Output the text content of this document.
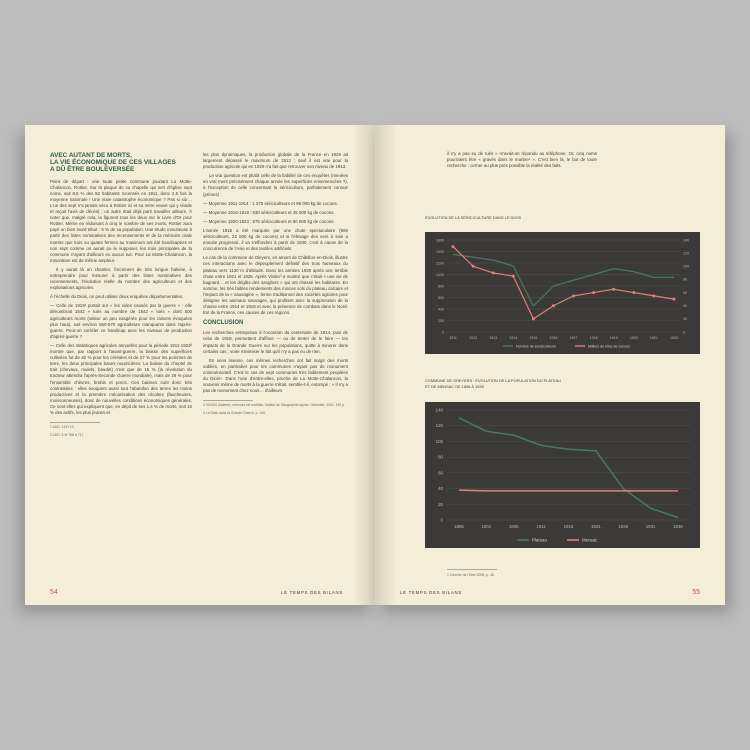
AVEC AUTANT DE MORTS,
LA VIE ÉCONOMIQUE DE CES VILLAGES
A DÛ ÊTRE BOULEVERSÉE

Point de départ : une toute petite commune jouxtant La Motte-Chalancon, Rottier. Sur la plaque de sa chapelle qui sert d'église sept noms, soit 8,5 % des 82 habitants recensés en 1911, donc 2,5 fois la moyenne nationale ! Une vraie catastrophe économique ? Pas si sûr… L'un des sept n'a jamais vécu à Rottier ici et sa mère veuve qui y réside et reçoit l'avis de décès) ; un autre était déjà parti travailler ailleurs. À noter que, malgré cela, la figurent tous les deux sur le Livre d'Or pour Rottier. Même en réduisant à cinq le nombre de ses morts, Rottier aura payé un bien lourd tribut : 6 % de sa population. Une étude minutieuse à partir des listes nominatives des recensements et de la mémoire orale montre que trois ou quatre fermes au maximum ont été handicapées et non sept comme on aurait pu le supposer, les trois principales de la commune n'ayant d'ailleurs eu aucun tué. Pour La Motte-Chalancon, la minoration est de même ampleur.

Il y aurait là un chantier, forcément de très longue haleine, à entreprendre pour mesurer à partir des listes nominatives des recensements, l'évolution réelle du nombre des agriculteurs et des exploitations agricoles.

À l'échelle du Diois, on peut utiliser deux enquêtes départementales.

— Celle de 1919¹ portait sur « les vides causés par la guerre » : elle dénombrait 1542 « tués au nombre de 1542 « tués » dont 500 agriculteurs morts (valeur un peu exagérée pour les raisons évoquées plus haut), soit environ 560-570 agriculteurs manquants dans l'après-guerre. Peut-on corréler ce handicap avec les niveaux de production d'après-guerre ?

— Celle des statistiques agricoles annuelles pour la période 1911-1923² montre que, par rapport à l'avant-guerre, la baisse des superficies cultivées fut de 40 % pour les céréales et de 27 % pour les pommes de terre, les deux principales bases nourricières. La baisse du cheptel de trait (chevaux, mulets, baudet) n'est que de 15 % (la révolution du tracteur attendra l'après-Seconde Guerre mondiale), mais de 29 % pour l'ensemble chèvres, brebis et porcs. Ces baisses sont donc très contrastées : elles évoquent aussi tout l'abandon des terres les moins productives et la première mécanisation des récoltes (faucheuses, moissonneuses), donc de nouvelles conditions économiques générales. Ce sont elles qui expliquent que, en dépit de ses 1,4 % de morts, soit 16 % des actifs, les plus jeunes et

1 ADD, 16 R 19.

2 ADD, 6 M 768 à 717.

les plus dynamiques, la production globale de la France en 1929 ait largement dépassé le maximum de 1913 ; sauf il est vrai pour la production agricole qui en 1929 n'a fait que retrouver son niveau de 1913.

Le vrai question est plutôt celle de la fiabilité de ces enquêtes (menées en vrai ment précisément chaque année les superficies ensemencées ?), à l'exception de celle concernant la sériciculture, parfaitement connue (primes) :

— Moyenne 1911-1914 : 1 375 sériciculteurs et 96 000 kg de cocons.

— Moyenne 1915-1919 : 630 sériciculteurs et 45 000 kg de cocons.

— Moyenne 1920-1923 : 975 sériciculteurs et 60 000 kg de cocons.

L'année 1915 a été marquée par une chute spectaculaire (566 sériciculteurs, 22 500 kg de cocons) et si l'élevage des vers à soie a ensuite progressé, il va s'effondrer à partir de 1930, c'est à cause de la concurrence de l'Asie et des textiles artificiels.

Le cas de la commune de Gleyers, en amont de Châtillon-en-Diois, illustre ces interactions avec le dépeuplement définitif des trois hameaux du plateau vers 1130 m d'altitude. Dans les années 1930 après une terrible chute entre 1921 et 1926. Après Vivian³ a montré que c'était « une vie de bagnard… et les dégâts des sangliers » qui ont chassé les habitants. En somme, les très faibles rendements des minces sols du plateau calcaire et l'impact de la « sauvagine », ferme traditionnel des sociétés agraires pour désigner les animaux sauvages, qui profitent avec la suppression de la chasse entre 1914 et 1918 et avec la présence de combats dans le Nord-Est de la France, ces causes de ces régions.

CONCLUSION

Les recherches entreprises à l'occasion du centenaire de 1914, puis de celui de 1918, permettent d'affiner — ou de tenter de le faire — les impacts de la Grande Guerre sur les populations, quitte à minorer dans certains cas ; voire minimiser le fait qu'il n'y a pas eu de rien.

En sens inverse, ces mêmes recherches ont fait surgir des morts oubliés, en particulier pour les communes n'ayant pas de monument commémoratif. C'est le cas de sept communes très faiblement peuplées du Diois⁴. Dans l'une d'entre-elles, proche de La Motte-Chalancon, la souvenir même de morts à la guerre s'était, semble-t-il, estompé : « Il n'y a pas de monument chez nous… d'ailleurs

3 VIVIAN (Valérie), mémoire de maîtrise, Institut de Géographie alpine, Grenoble, 2001, 192 p.

4 Le Diois dans la Grande Guerre, p. 146.

54	LE TEMPS DES BILANS

il n'y a pas eu de tués » m'avait-on répondu au téléphone. Or, cinq noms pourraient être « gravés dans le marbre¹ ». C'est bien là, le but de toute recherche : cerner au plus près possible la réalité des faits.

ÉVOLUTION DE LA SÉRICICULTURE DANS LE DIOIS
0
200
400
600
800
1000
1200
1400
1600
0
20
40
60
80
100
120
140
1911	1912	1913	1914	1915	1916	1917	1918	1919	1920	1921	1922
Nombre de sériciculteurs	Milliers de kilos de cocons
COMMUNE DE GREYERS : ÉVOLUTION DE LA POPULATION DU PLATEAU
ET DE MENSAC DE 1896 À 1936
0
20
40
60
80
100
120
140
1896	1901	1906	1911	1916	1921	1926	1931	1936
Plateau	Mensac
1 Comme de l'Oise 2006, p. 38.
LE TEMPS DES BILANS	55
